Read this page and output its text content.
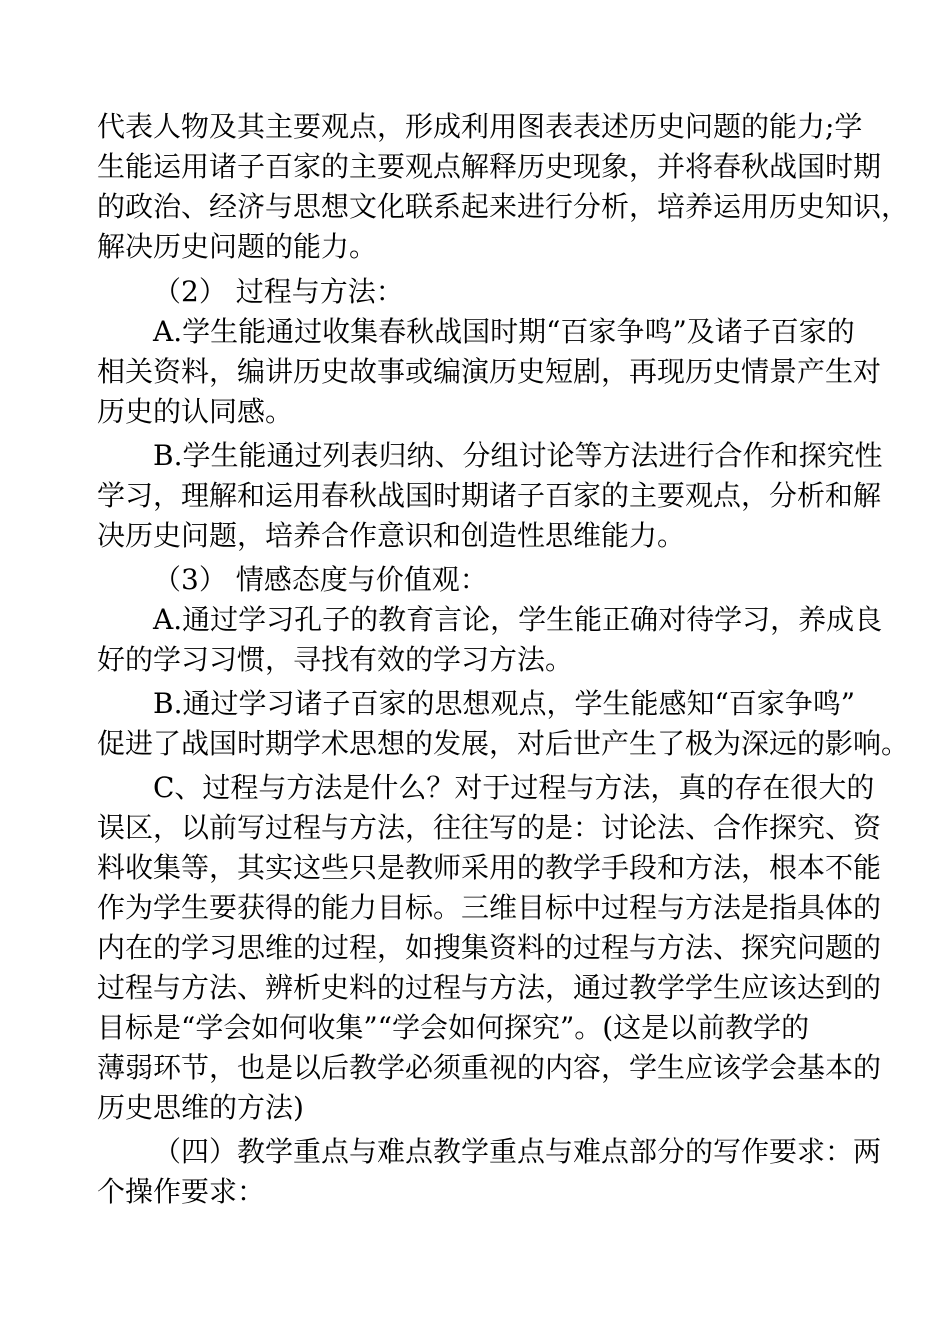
代表人物及其主要观点，形成利用图表表述历史问题的能力;学
生能运用诸子百家的主要观点解释历史现象，并将春秋战国时期
的政治、经济与思想文化联系起来进行分析，培养运用历史知识，
解决历史问题的能力。
（2） 过程与方法：
A.学生能通过收集春秋战国时期“百家争鸣”及诸子百家的
相关资料，编讲历史故事或编演历史短剧，再现历史情景产生对
历史的认同感。
B.学生能通过列表归纳、分组讨论等方法进行合作和探究性
学习，理解和运用春秋战国时期诸子百家的主要观点，分析和解
决历史问题，培养合作意识和创造性思维能力。
（3） 情感态度与价值观：
A.通过学习孔子的教育言论，学生能正确对待学习，养成良
好的学习习惯，寻找有效的学习方法。
B.通过学习诸子百家的思想观点，学生能感知“百家争鸣”
促进了战国时期学术思想的发展，对后世产生了极为深远的影响。
C、过程与方法是什么？对于过程与方法，真的存在很大的
误区，以前写过程与方法，往往写的是：讨论法、合作探究、资
料收集等，其实这些只是教师采用的教学手段和方法，根本不能
作为学生要获得的能力目标。三维目标中过程与方法是指具体的
内在的学习思维的过程，如搜集资料的过程与方法、探究问题的
过程与方法、辨析史料的过程与方法，通过教学学生应该达到的
目标是“学会如何收集”“学会如何探究”。(这是以前教学的
薄弱环节，也是以后教学必须重视的内容，学生应该学会基本的
历史思维的方法)
（四）教学重点与难点教学重点与难点部分的写作要求：两
个操作要求：
